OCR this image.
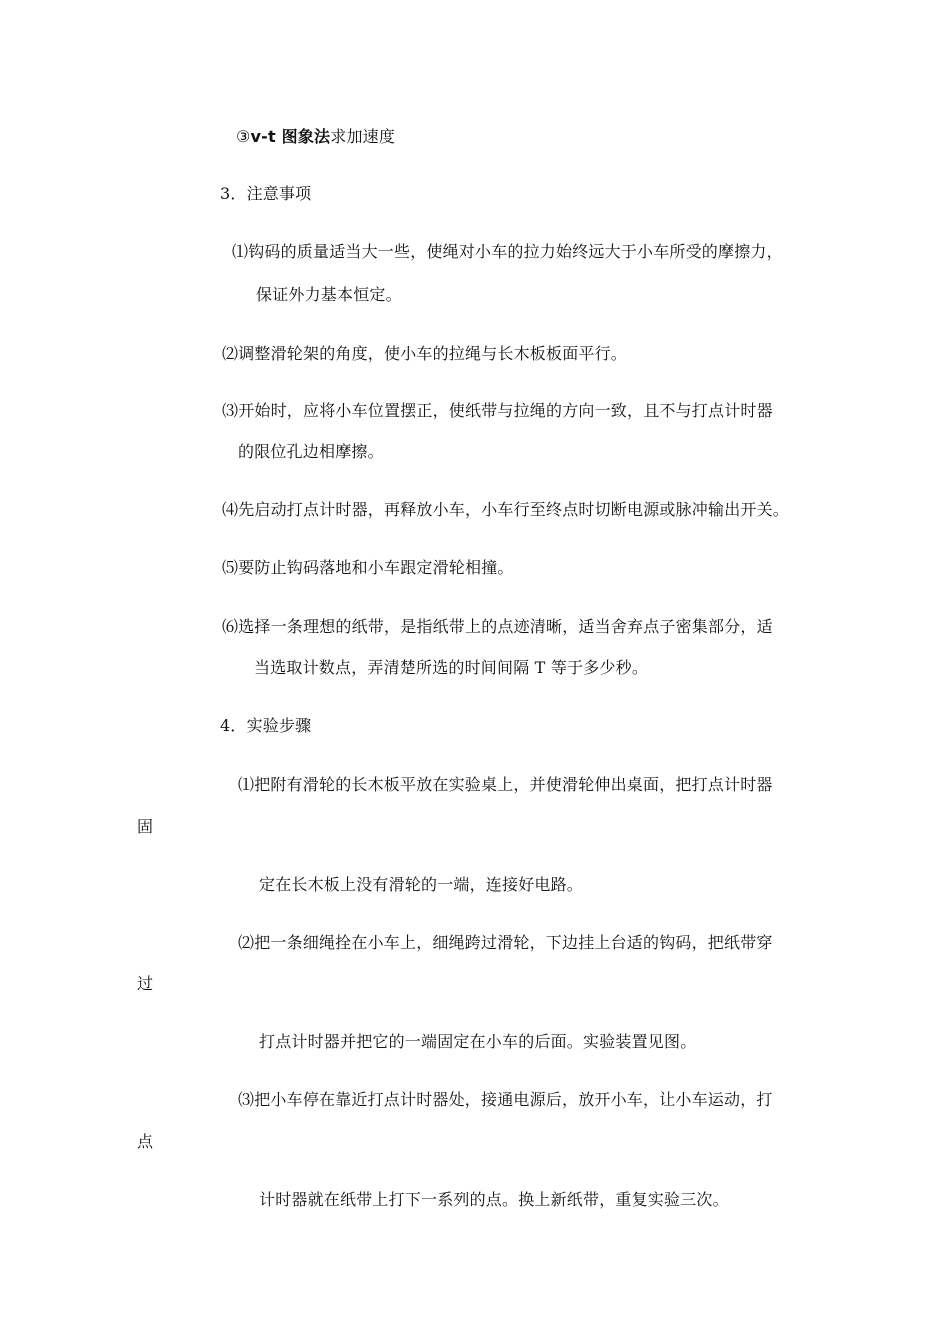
③v-t 图象法求加速度
3．注意事项
⑴钩码的质量适当大一些，使绳对小车的拉力始终远大于小车所受的摩擦力，
保证外力基本恒定。
⑵调整滑轮架的角度，使小车的拉绳与长木板板面平行。
⑶开始时，应将小车位置摆正，使纸带与拉绳的方向一致，且不与打点计时器
的限位孔边相摩擦。
⑷先启动打点计时器，再释放小车，小车行至终点时切断电源或脉冲输出开关。
⑸要防止钩码落地和小车跟定滑轮相撞。
⑹选择一条理想的纸带，是指纸带上的点迹清晰，适当舍弃点子密集部分，适
当选取计数点，弄清楚所选的时间间隔 T 等于多少秒。
4．实验步骤
⑴把附有滑轮的长木板平放在实验桌上，并使滑轮伸出桌面，把打点计时器
固
定在长木板上没有滑轮的一端，连接好电路。
⑵把一条细绳拴在小车上，细绳跨过滑轮，下边挂上台适的钩码，把纸带穿
过
打点计时器并把它的一端固定在小车的后面。实验装置见图。
⑶把小车停在靠近打点计时器处，接通电源后，放开小车，让小车运动，打
点
计时器就在纸带上打下一系列的点。换上新纸带，重复实验三次。
